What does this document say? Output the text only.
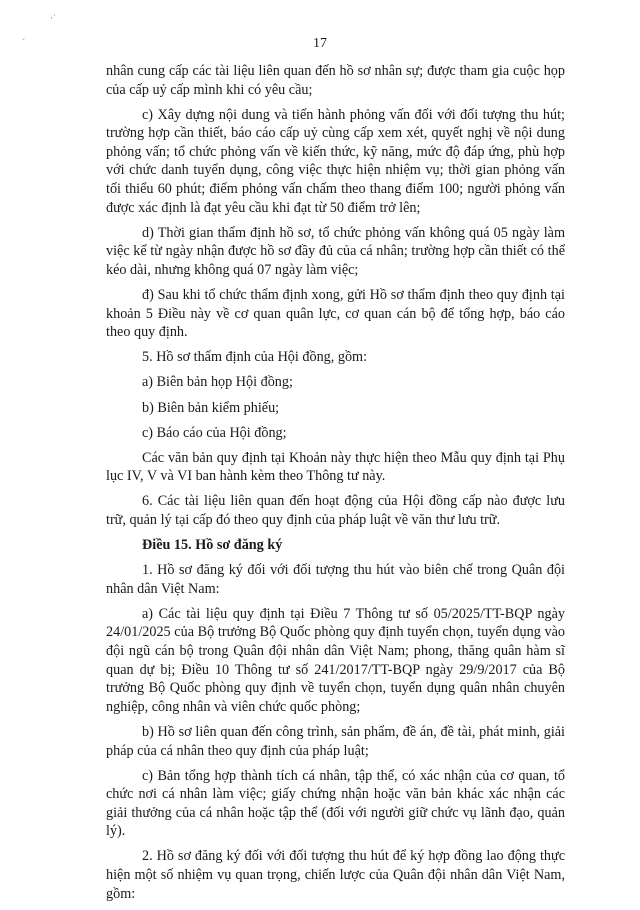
·˙
˘	17

nhân cung cấp các tài liệu liên quan đến hồ sơ nhân sự; được tham gia cuộc họp của cấp uỷ cấp mình khi có yêu cầu;

c) Xây dựng nội dung và tiến hành phỏng vấn đối với đối tượng thu hút; trường hợp cần thiết, báo cáo cấp uỷ cùng cấp xem xét, quyết nghị về nội dung phỏng vấn; tổ chức phỏng vấn về kiến thức, kỹ năng, mức độ đáp ứng, phù hợp với chức danh tuyển dụng, công việc thực hiện nhiệm vụ; thời gian phỏng vấn tối thiểu 60 phút; điểm phỏng vấn chấm theo thang điểm 100; người phỏng vấn được xác định là đạt yêu cầu khi đạt từ 50 điểm trở lên;

d) Thời gian thẩm định hồ sơ, tổ chức phỏng vấn không quá 05 ngày làm việc kể từ ngày nhận được hồ sơ đầy đủ của cá nhân; trường hợp cần thiết có thể kéo dài, nhưng không quá 07 ngày làm việc;

đ) Sau khi tổ chức thẩm định xong, gửi Hồ sơ thẩm định theo quy định tại khoản 5 Điều này về cơ quan quân lực, cơ quan cán bộ để tổng hợp, báo cáo theo quy định.

5. Hồ sơ thẩm định của Hội đồng, gồm:

a) Biên bản họp Hội đồng;

b) Biên bản kiểm phiếu;

c) Báo cáo của Hội đồng;

Các văn bản quy định tại Khoản này thực hiện theo Mẫu quy định tại Phụ lục IV, V và VI ban hành kèm theo Thông tư này.

6. Các tài liệu liên quan đến hoạt động của Hội đồng cấp nào được lưu trữ, quản lý tại cấp đó theo quy định của pháp luật về văn thư lưu trữ.

Điều 15. Hồ sơ đăng ký

1. Hồ sơ đăng ký đối với đối tượng thu hút vào biên chế trong Quân đội nhân dân Việt Nam:

a) Các tài liệu quy định tại Điều 7 Thông tư số 05/2025/TT-BQP ngày 24/01/2025 của Bộ trưởng Bộ Quốc phòng quy định tuyển chọn, tuyển dụng vào đội ngũ cán bộ trong Quân đội nhân dân Việt Nam; phong, thăng quân hàm sĩ quan dự bị; Điều 10 Thông tư số 241/2017/TT-BQP ngày 29/9/2017 của Bộ trưởng Bộ Quốc phòng quy định về tuyển chọn, tuyển dụng quân nhân chuyên nghiệp, công nhân và viên chức quốc phòng;

b) Hồ sơ liên quan đến công trình, sản phẩm, đề án, đề tài, phát minh, giải pháp của cá nhân theo quy định của pháp luật;

c) Bản tổng hợp thành tích cá nhân, tập thể, có xác nhận của cơ quan, tổ chức nơi cá nhân làm việc; giấy chứng nhận hoặc văn bản khác xác nhận các giải thưởng của cá nhân hoặc tập thể (đối với người giữ chức vụ lãnh đạo, quản lý).

2. Hồ sơ đăng ký đối với đối tượng thu hút để ký hợp đồng lao động thực hiện một số nhiệm vụ quan trọng, chiến lược của Quân đội nhân dân Việt Nam, gồm:
